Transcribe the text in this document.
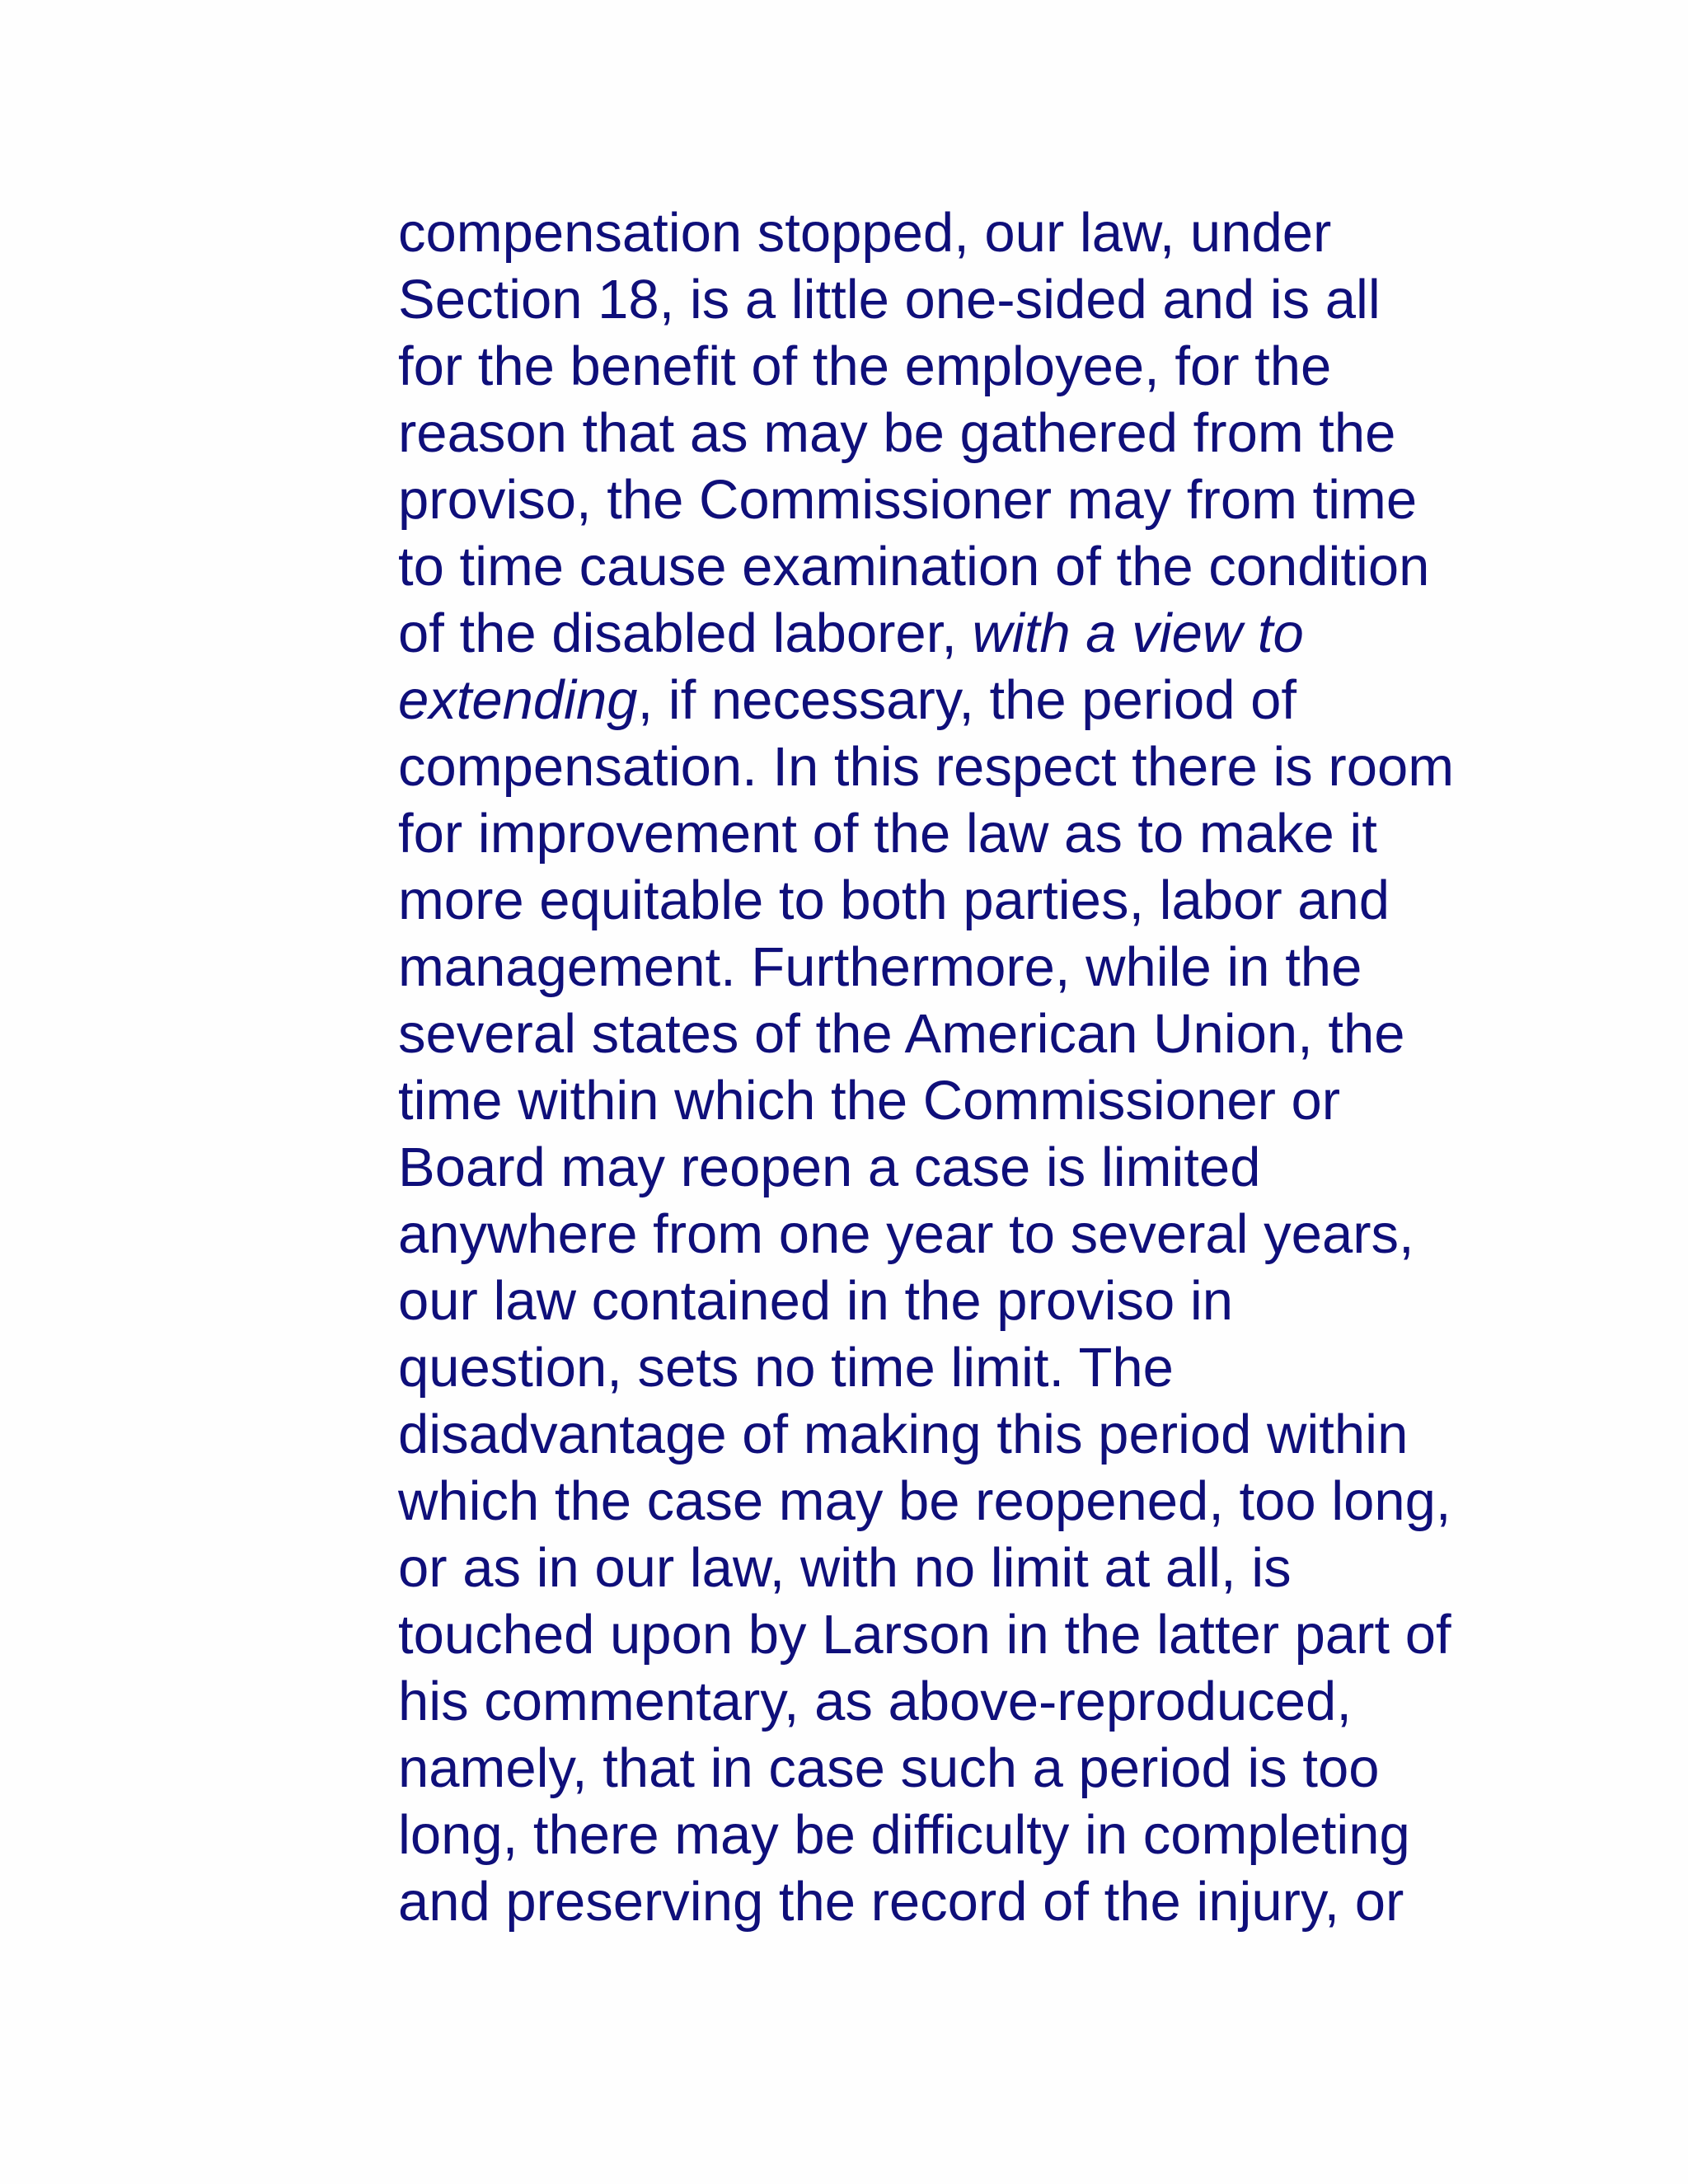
compensation stopped, our law, under
Section 18, is a little one-sided and is all
for the benefit of the employee, for the
reason that as may be gathered from the
proviso, the Commissioner may from time
to time cause examination of the condition
of the disabled laborer, with a view to
extending, if necessary, the period of
compensation. In this respect there is room
for improvement of the law as to make it
more equitable to both parties, labor and
management. Furthermore, while in the
several states of the American Union, the
time within which the Commissioner or
Board may reopen a case is limited
anywhere from one year to several years,
our law contained in the proviso in
question, sets no time limit. The
disadvantage of making this period within
which the case may be reopened, too long,
or as in our law, with no limit at all, is
touched upon by Larson in the latter part of
his commentary, as above-reproduced,
namely, that in case such a period is too
long, there may be difficulty in completing
and preserving the record of the injury, or
